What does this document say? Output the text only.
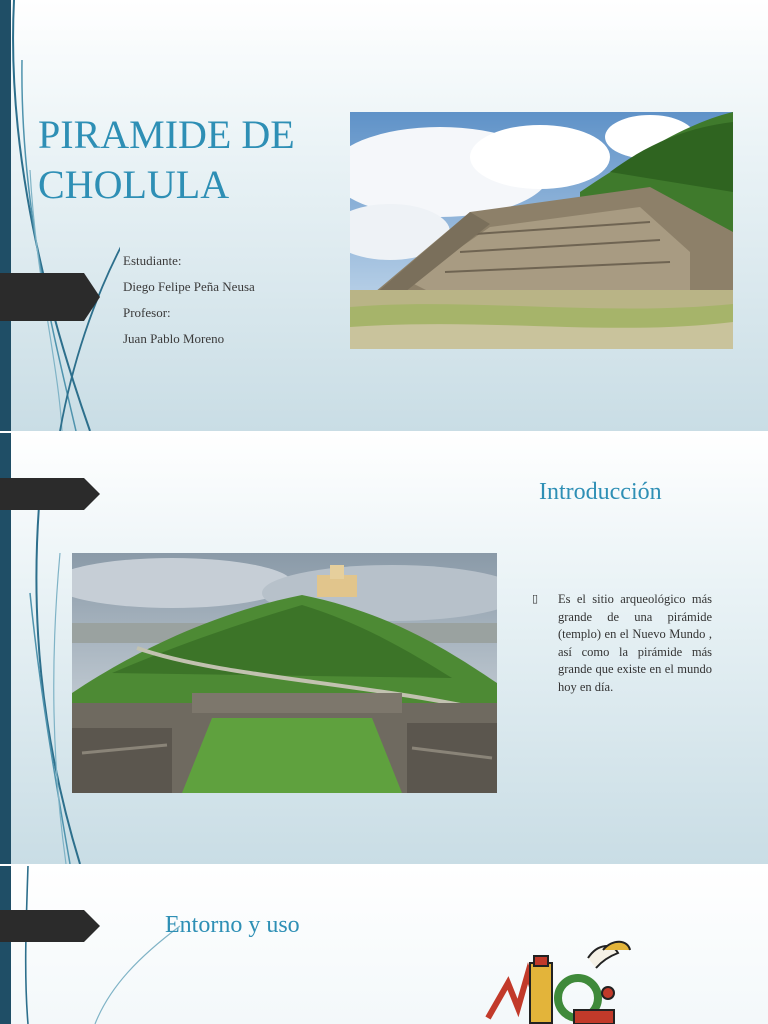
PIRAMIDE DE CHOLULA
Estudiante:
Diego Felipe Peña Neusa
Profesor:
Juan Pablo Moreno
Introducción
▯ Es el sitio arqueológico más grande de una pirámide (templo) en el Nuevo Mundo , así como la pirámide más grande que existe en el mundo hoy en día.
Entorno y uso
